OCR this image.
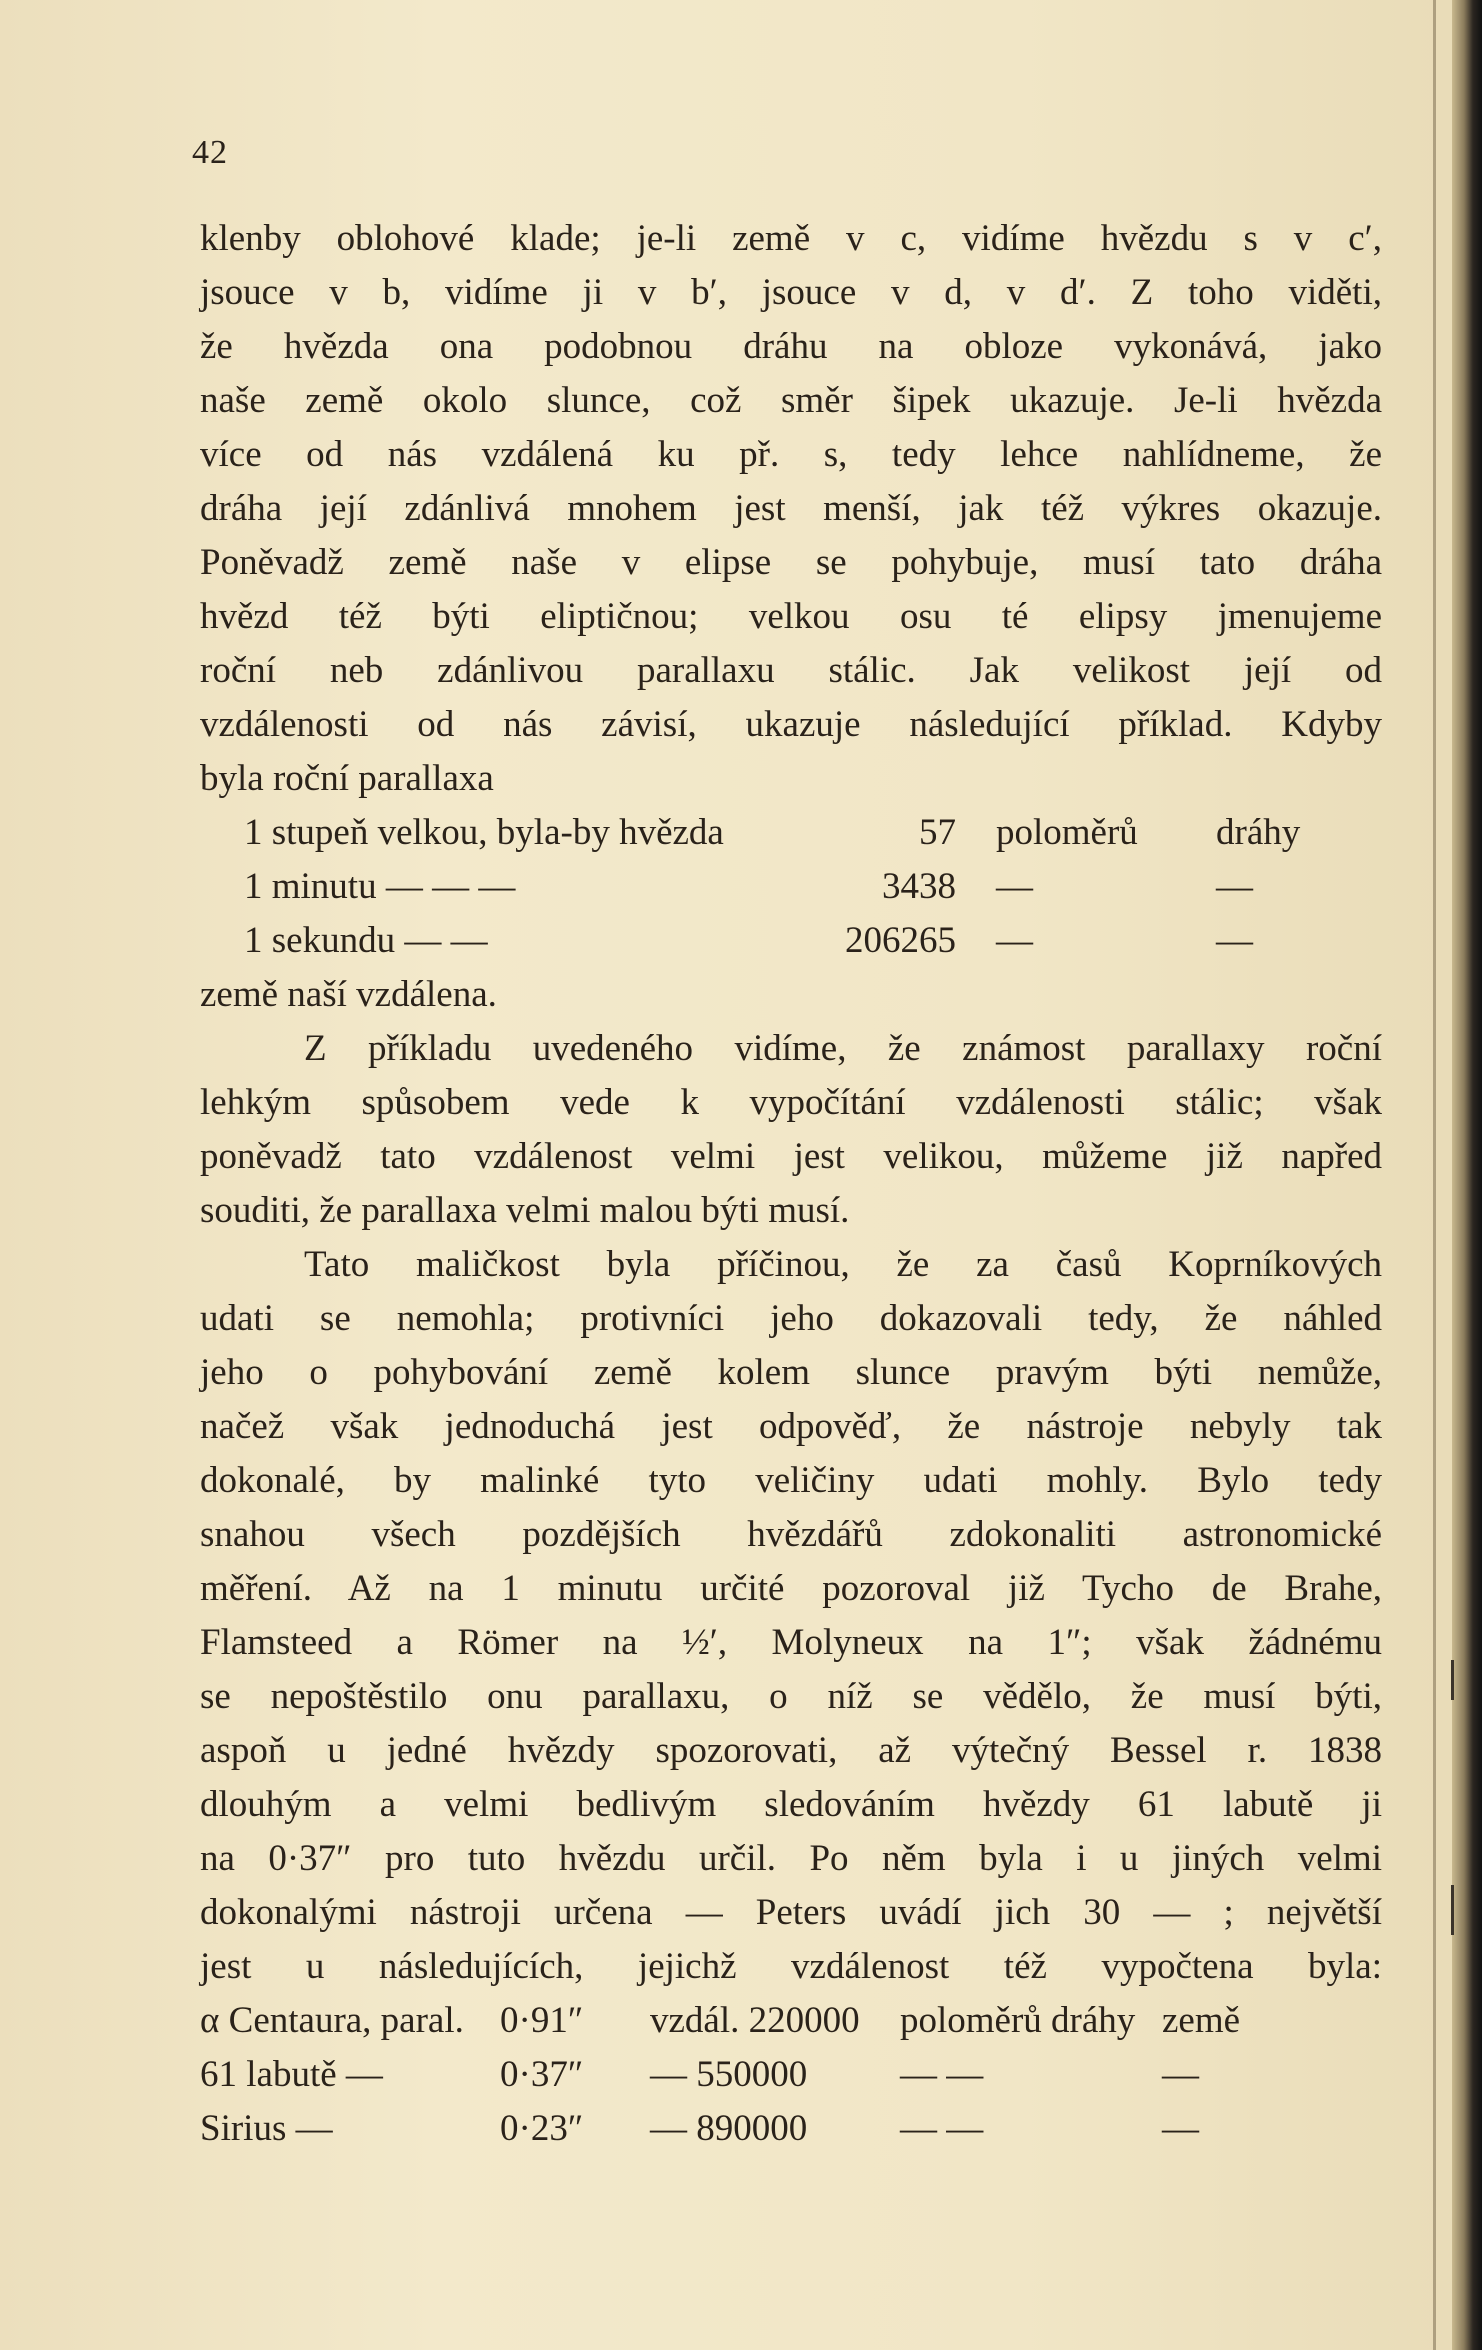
42
klenby oblohové klade; je-li země v c, vidíme hvězdu s v c′,
jsouce v b, vidíme ji v b′, jsouce v d, v d′. Z toho viděti,
že hvězda ona podobnou dráhu na obloze vykonává, jako
naše země okolo slunce, což směr šipek ukazuje. Je-li hvězda
více od nás vzdálená ku př. s, tedy lehce nahlídneme, že
dráha její zdánlivá mnohem jest menší, jak též výkres okazuje.
Poněvadž země naše v elipse se pohybuje, musí tato dráha
hvězd též býti eliptičnou; velkou osu té elipsy jmenujeme
roční neb zdánlivou parallaxu stálic. Jak velikost její od
vzdálenosti od nás závisí, ukazuje následující příklad. Kdyby
byla roční parallaxa
1 stupeň velkou, byla-by hvězda	57	poloměrů	dráhy
1 minutu — — —	3438	—	—
1 sekundu — —	206265	—	—
země naší vzdálena.
Z příkladu uvedeného vidíme, že známost parallaxy roční
lehkým spůsobem vede k vypočítání vzdálenosti stálic; však
poněvadž tato vzdálenost velmi jest velikou, můžeme již napřed
souditi, že parallaxa velmi malou býti musí.
Tato maličkost byla příčinou, že za časů Koprníkových
udati se nemohla; protivníci jeho dokazovali tedy, že náhled
jeho o pohybování země kolem slunce pravým býti nemůže,
načež však jednoduchá jest odpověď, že nástroje nebyly tak
dokonalé, by malinké tyto veličiny udati mohly. Bylo tedy
snahou všech pozdějších hvězdářů zdokonaliti astronomické
měření. Až na 1 minutu určité pozoroval již Tycho de Brahe,
Flamsteed a Römer na ½′, Molyneux na 1″; však žádnému
se nepoštěstilo onu parallaxu, o níž se vědělo, že musí býti,
aspoň u jedné hvězdy spozorovati, až výtečný Bessel r. 1838
dlouhým a velmi bedlivým sledováním hvězdy 61 labutě ji
na 0·37″ pro tuto hvězdu určil. Po něm byla i u jiných velmi
dokonalými nástroji určena — Peters uvádí jich 30 — ; největší
jest u následujících, jejichž vzdálenost též vypočtena byla:
α Centaura, paral. 0·91″	vzdál. 220000	poloměrů dráhy země
61 labutě —	0·37″	— 550000	— —	—
Sirius —	0·23″	— 890000	— —	—
